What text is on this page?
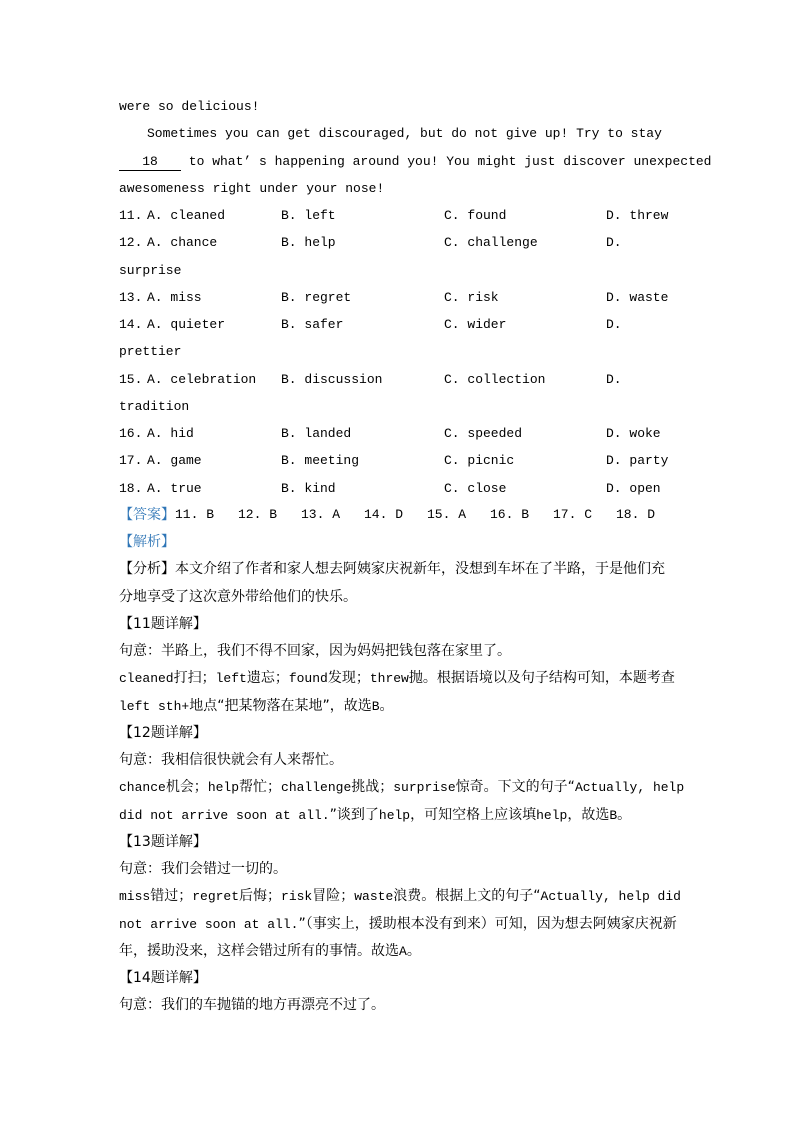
were so delicious!
Sometimes you can get discouraged, but do not give up! Try to stay
18 to what’ s happening around you! You might just discover unexpected
awesomeness right under your nose!
11. A. cleaned	B. left	C. found	D. threw
12. A. chance	B. help	C. challenge	D.
surprise
13. A. miss	B. regret	C. risk	D. waste
14. A. quieter	B. safer	C. wider	D.
prettier
15. A. celebration B. discussion	C. collection	D.
tradition
16. A. hid	B. landed	C. speeded	D. woke
17. A. game	B. meeting	C. picnic	D. party
18. A. true	B. kind	C. close	D. open
【答案】 11. B 12. B 13. A 14. D 15. A 16. B 17. C 18. D
【解析】
【分析】本文介绍了作者和家人想去阿姨家庆祝新年，没想到车坏在了半路，于是他们充
分地享受了这次意外带给他们的快乐。
【11题详解】
句意：半路上，我们不得不回家，因为妈妈把钱包落在家里了。
cleaned打扫；left遗忘；found发现；threw抛。根据语境以及句子结构可知，本题考查
left sth+地点“把某物落在某地”，故选B。
【12题详解】
句意：我相信很快就会有人来帮忙。
chance机会；help帮忙；challenge挑战；surprise惊奇。下文的句子“Actually, help
did not arrive soon at all.”谈到了help，可知空格上应该填help，故选B。
【13题详解】
句意：我们会错过一切的。
miss错过；regret后悔；risk冒险；waste浪费。根据上文的句子“Actually, help did
not arrive soon at all.”（事实上，援助根本没有到来）可知，因为想去阿姨家庆祝新
年，援助没来，这样会错过所有的事情。故选A。
【14题详解】
句意：我们的车抛锚的地方再漂亮不过了。
